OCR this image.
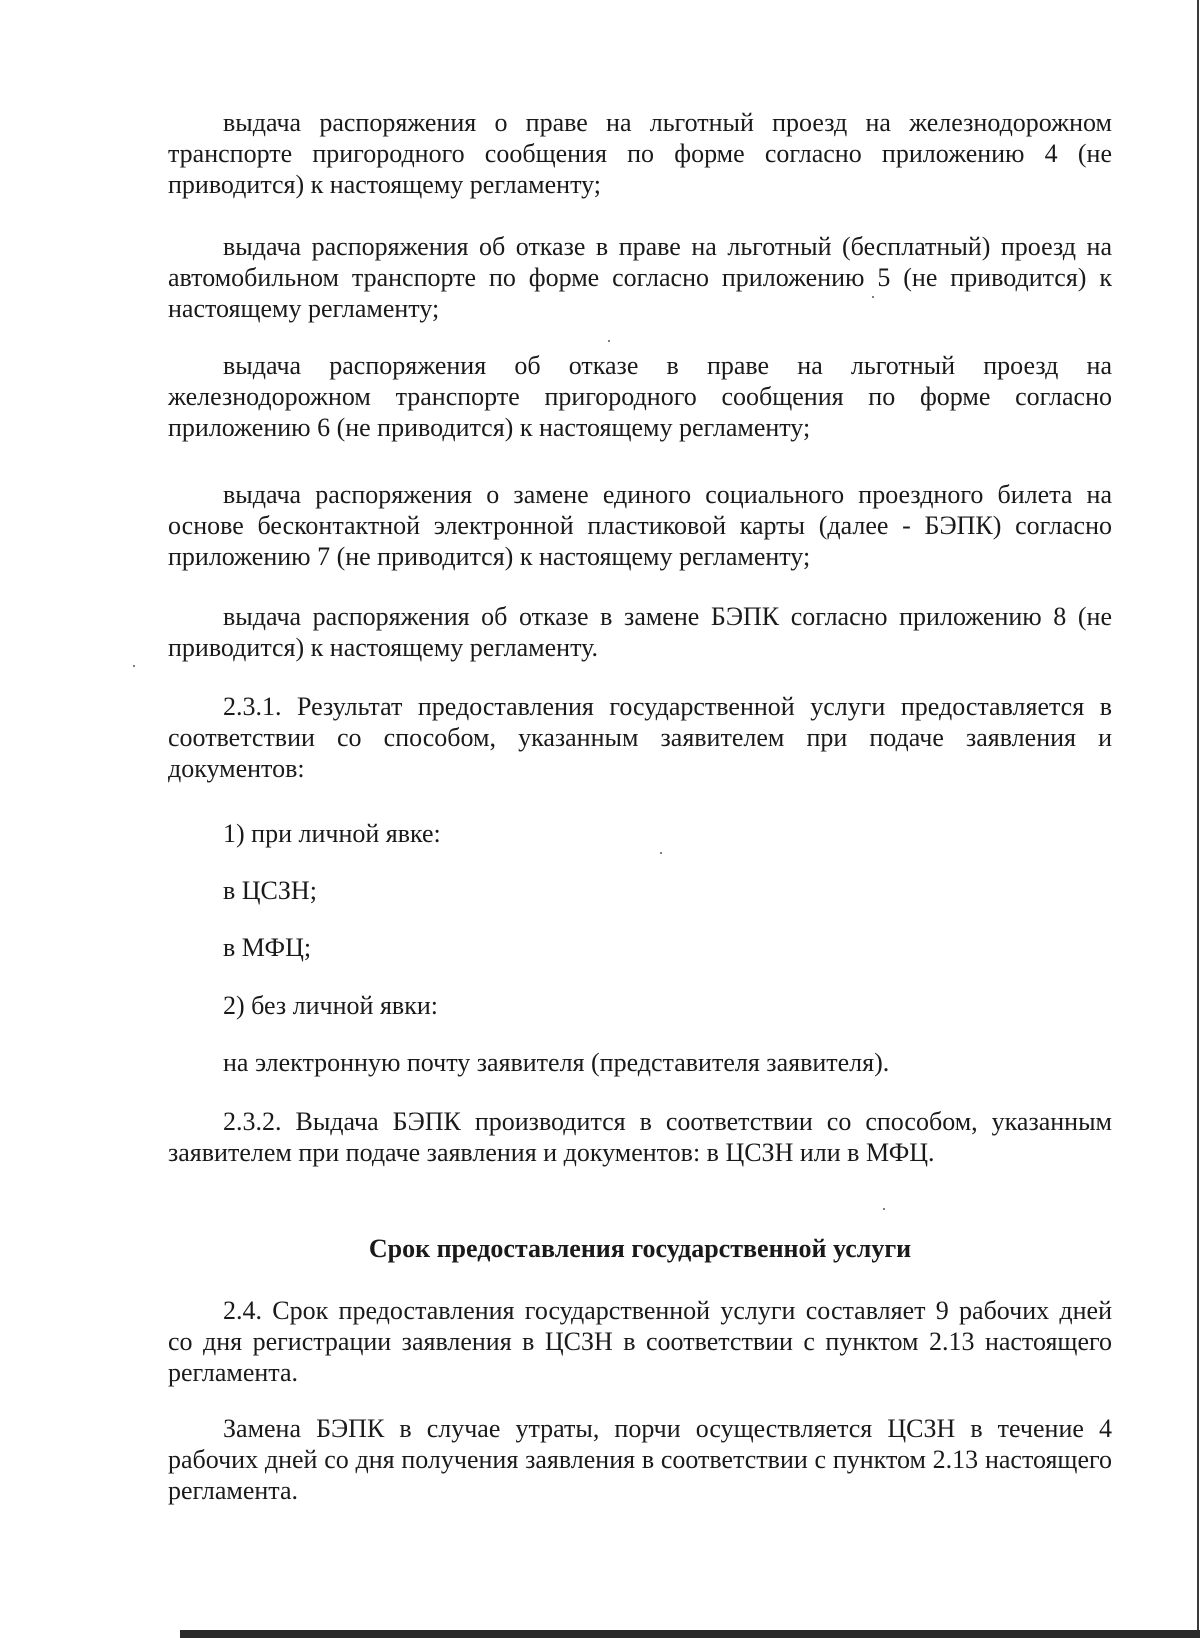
выдача распоряжения о праве на льготный проезд на железнодорожном транспорте пригородного сообщения по форме согласно приложению 4 (не приводится) к настоящему регламенту;

выдача распоряжения об отказе в праве на льготный (бесплатный) проезд на автомобильном транспорте по форме согласно приложению 5 (не приводится) к настоящему регламенту;

выдача распоряжения об отказе в праве на льготный проезд на железнодорожном транспорте пригородного сообщения по форме согласно приложению 6 (не приводится) к настоящему регламенту;

выдача распоряжения о замене единого социального проездного билета на основе бесконтактной электронной пластиковой карты (далее - БЭПК) согласно приложению 7 (не приводится) к настоящему регламенту;

выдача распоряжения об отказе в замене БЭПК согласно приложению 8 (не приводится) к настоящему регламенту.

2.3.1. Результат предоставления государственной услуги предоставляется в соответствии со способом, указанным заявителем при подаче заявления и документов:

1) при личной явке:

в ЦСЗН;

в МФЦ;

2) без личной явки:

на электронную почту заявителя (представителя заявителя).

2.3.2. Выдача БЭПК производится в соответствии со способом, указанным заявителем при подаче заявления и документов: в ЦСЗН или в МФЦ.

Срок предоставления государственной услуги

2.4. Срок предоставления государственной услуги составляет 9 рабочих дней со дня регистрации заявления в ЦСЗН в соответствии с пунктом 2.13 настоящего регламента.

Замена БЭПК в случае утраты, порчи осуществляется ЦСЗН в течение 4 рабочих дней со дня получения заявления в соответствии с пунктом 2.13 настоящего регламента.
